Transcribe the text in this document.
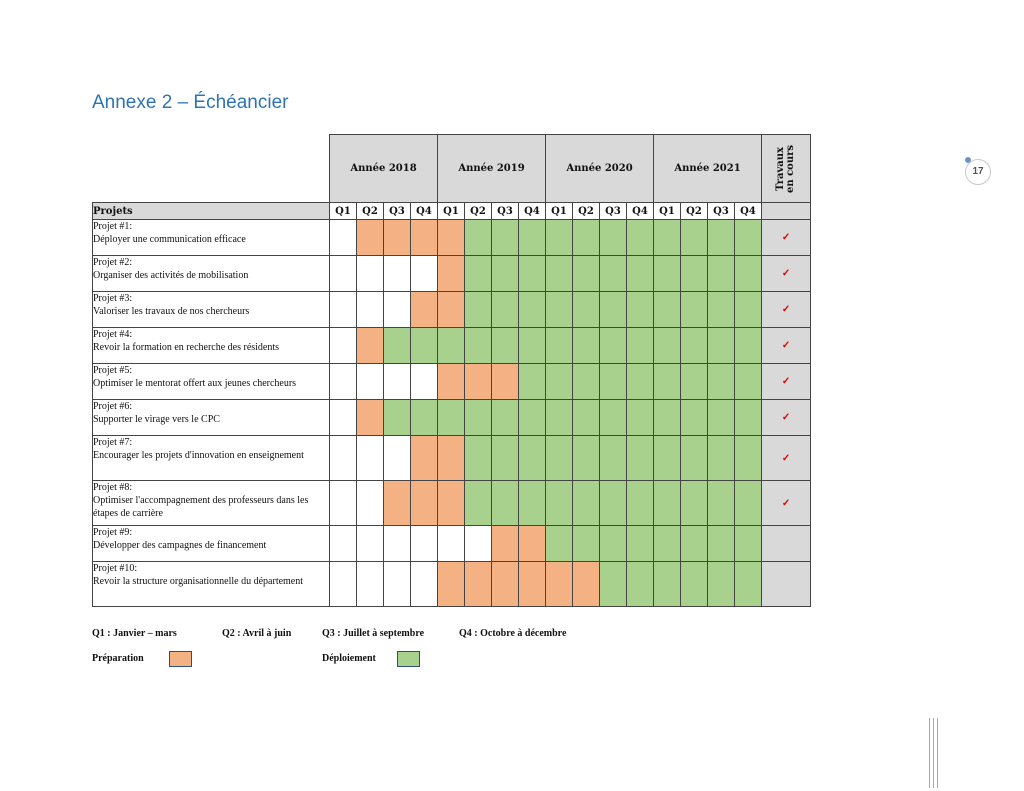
Annexe 2 – Échéancier
17
	Année 2018				Année 2019				Année 2020				Année 2021				Travaux
en cours
Projets	Q1	Q2	Q3	Q4	Q1	Q2	Q3	Q4	Q1	Q2	Q3	Q4	Q1	Q2	Q3	Q4	

Projet #1:
Déployer une communication efficace																	✓

Projet #2:
Organiser des activités de mobilisation																	✓

Projet #3:
Valoriser les travaux de nos chercheurs																	✓

Projet #4:
Revoir la formation en recherche des résidents																	✓

Projet #5:
Optimiser le mentorat offert aux jeunes chercheurs																	✓

Projet #6:
Supporter le virage vers le CPC																	✓

Projet #7:
Encourager les projets d'innovation en enseignement																	✓

Projet #8:
Optimiser l'accompagnement des professeurs dans les étapes de carrière																	✓

Projet #9:
Développer des campagnes de financement																	

Projet #10:
Revoir la structure organisationnelle du département																	

Q1 : Janvier – mars	Q2 : Avril à juin	Q3 : Juillet à septembre	Q4 : Octobre à décembre
Préparation	Déploiement
